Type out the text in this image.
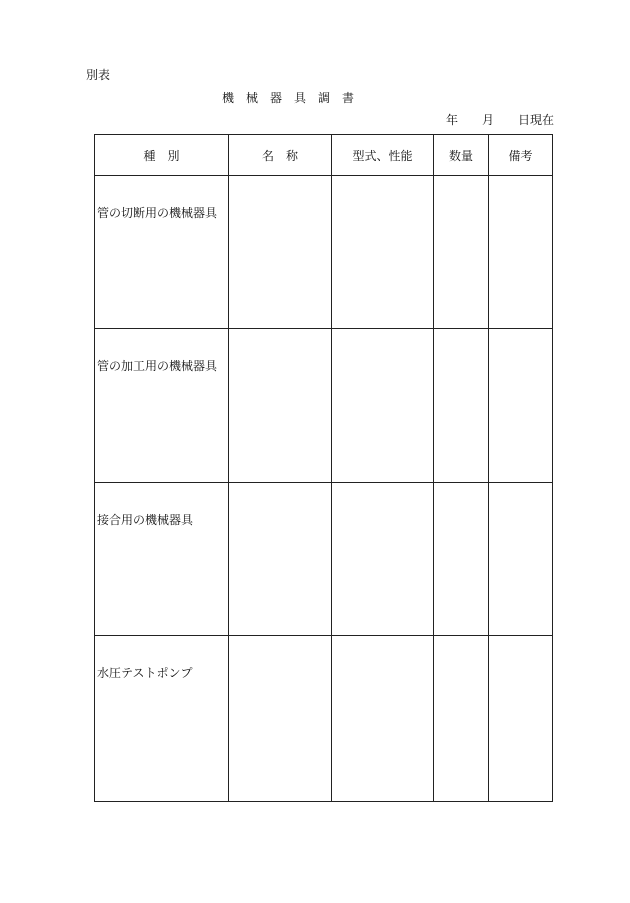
別表
機　械　器　具　調　書
年　　月　　日現在
種　別	名　称	型式、性能	数量	備考

管の切断用の機械器具				

管の加工用の機械器具				

接合用の機械器具				

水圧テストポンプ				
